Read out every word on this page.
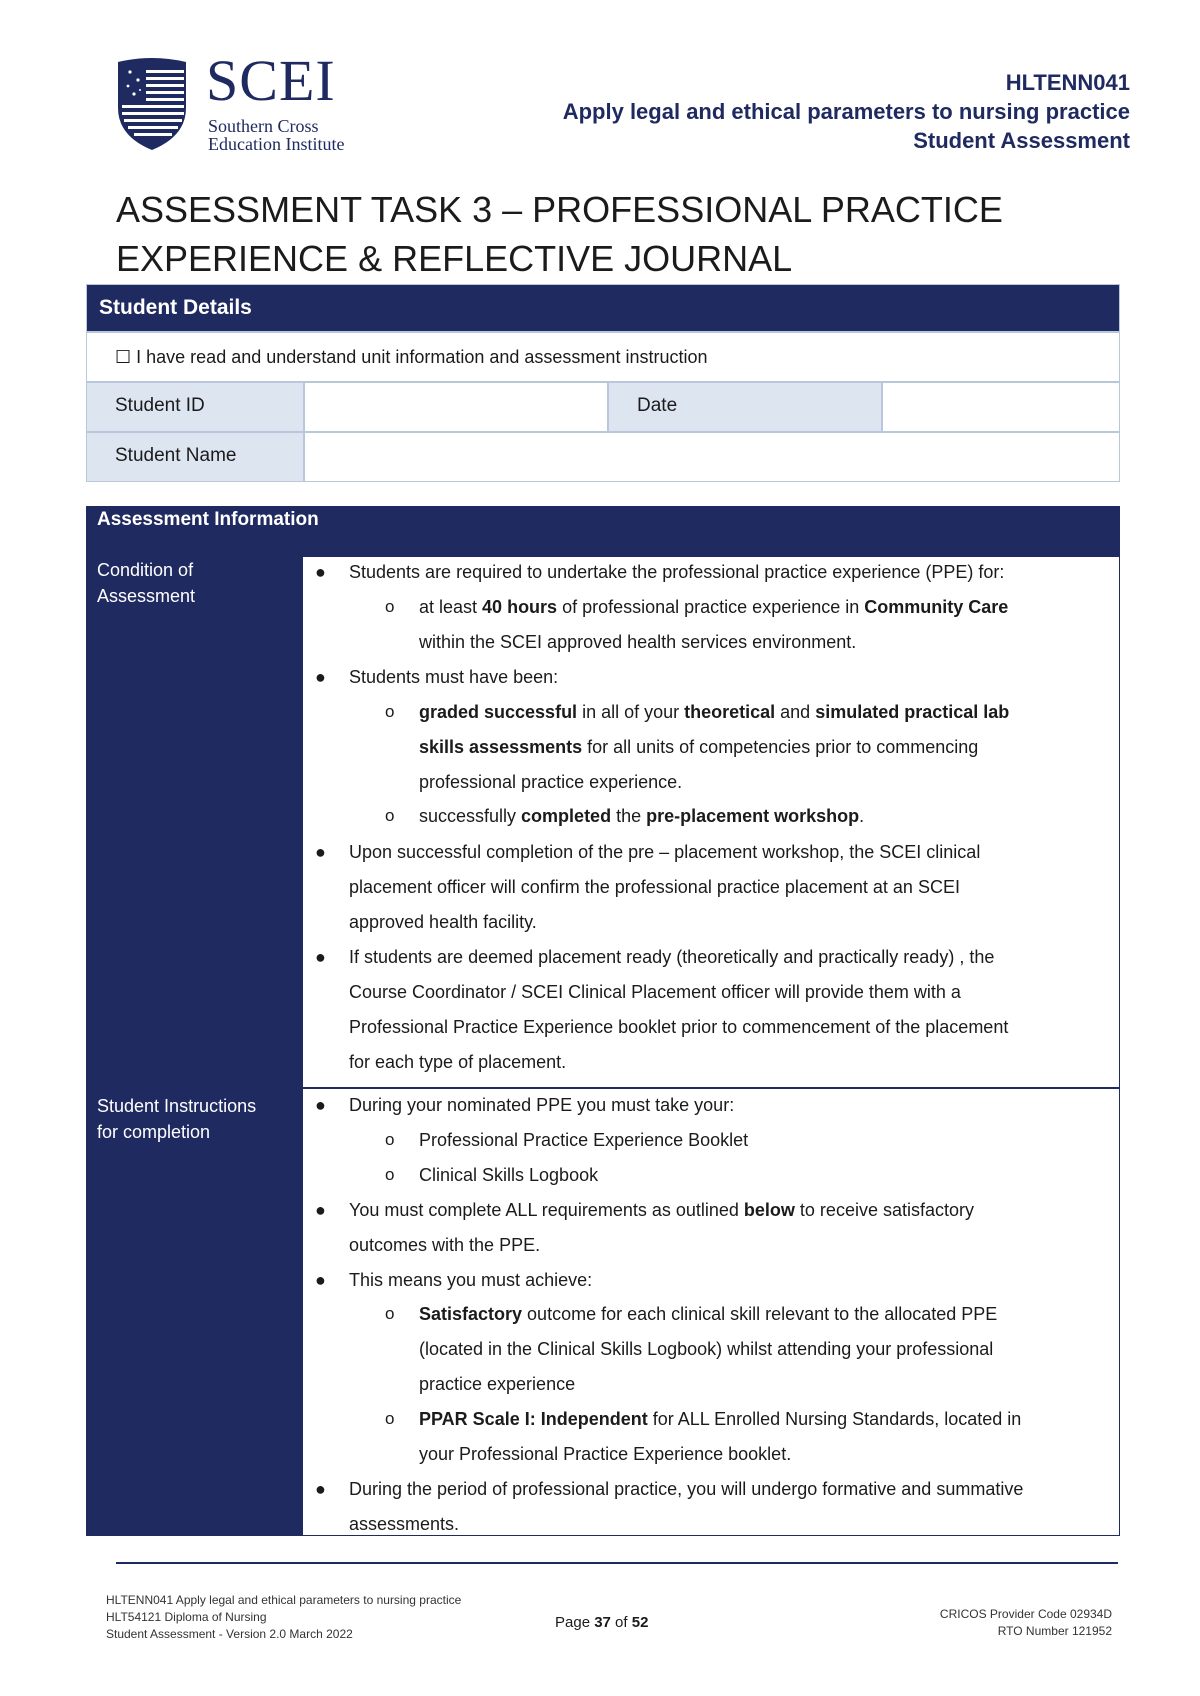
SCEI
Southern Cross
Education Institute
HLTENN041
Apply legal and ethical parameters to nursing practice
Student Assessment
ASSESSMENT TASK 3 – PROFESSIONAL PRACTICE
EXPERIENCE & REFLECTIVE JOURNAL
Student Details
☐ I have read and understand unit information and assessment instruction
Student ID	Date
Student Name
Assessment Information
Condition of
Assessment
Student Instructions
for completion
● Students are required to undertake the professional practice experience (PPE) for:
o at least 40 hours of professional practice experience in Community Care
within the SCEI approved health services environment.
● Students must have been:
o graded successful in all of your theoretical and simulated practical lab
skills assessments for all units of competencies prior to commencing
professional practice experience.
o successfully completed the pre-placement workshop.
● Upon successful completion of the pre – placement workshop, the SCEI clinical
placement officer will confirm the professional practice placement at an SCEI
approved health facility.
● If students are deemed placement ready (theoretically and practically ready) , the
Course Coordinator / SCEI Clinical Placement officer will provide them with a
Professional Practice Experience booklet prior to commencement of the placement
for each type of placement.
● During your nominated PPE you must take your:
o Professional Practice Experience Booklet
o Clinical Skills Logbook
● You must complete ALL requirements as outlined below to receive satisfactory
outcomes with the PPE.
● This means you must achieve:
o Satisfactory outcome for each clinical skill relevant to the allocated PPE
(located in the Clinical Skills Logbook) whilst attending your professional
practice experience
o PPAR Scale I: Independent for ALL Enrolled Nursing Standards, located in
your Professional Practice Experience booklet.
● During the period of professional practice, you will undergo formative and summative
assessments.
HLTENN041 Apply legal and ethical parameters to nursing practice
HLT54121 Diploma of Nursing
Student Assessment - Version 2.0 March 2022
Page 37 of 52	CRICOS Provider Code 02934D
RTO Number 121952
